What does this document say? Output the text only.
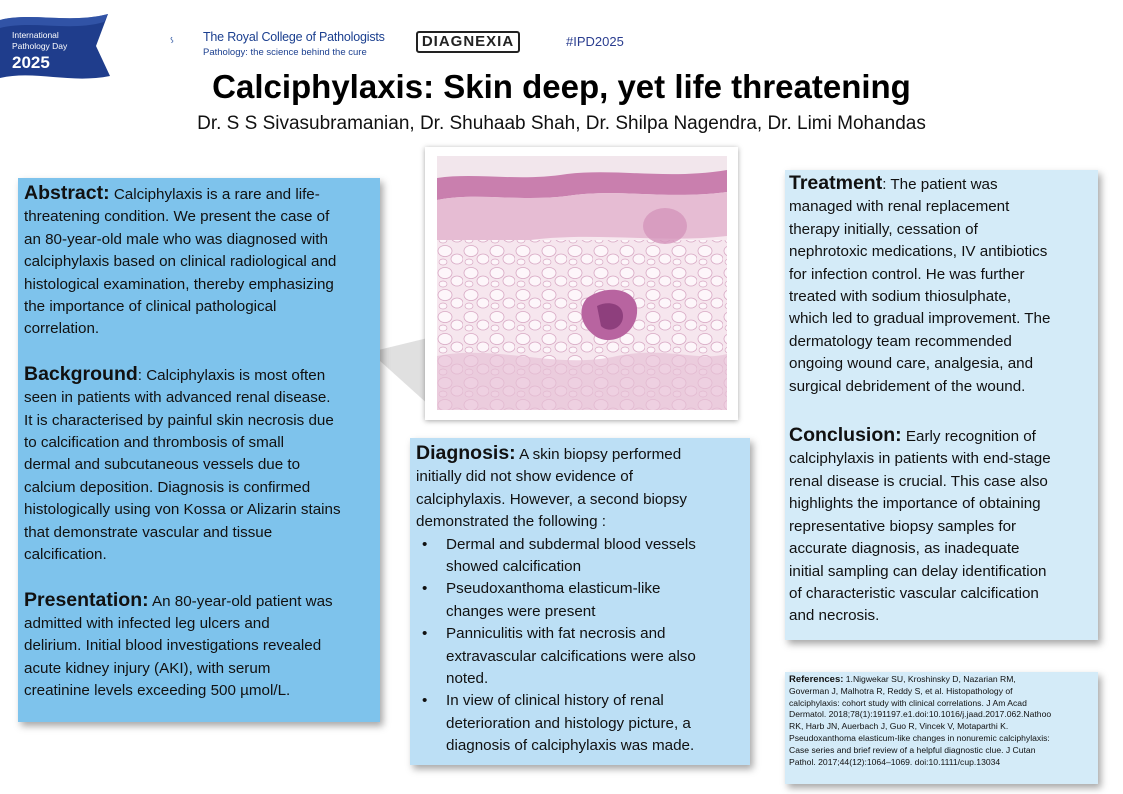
International
Pathology Day
2025
The Royal College of Pathologists
Pathology: the science behind the cure
DIAGNEXIA	#IPD2025
Calciphylaxis: Skin deep, yet life threatening
Dr. S S Sivasubramanian, Dr. Shuhaab Shah, Dr. Shilpa Nagendra, Dr. Limi Mohandas
Abstract: Calciphylaxis is a rare and life-
threatening condition. We present the case of
an 80-year-old male who was diagnosed with
calciphylaxis based on clinical radiological and
histological examination, thereby emphasizing
the importance of clinical pathological
correlation.
Background: Calciphylaxis is most often
seen in patients with advanced renal disease.
It is characterised by painful skin necrosis due
to calcification and thrombosis of small
dermal and subcutaneous vessels due to
calcium deposition. Diagnosis is confirmed
histologically using von Kossa or Alizarin stains
that demonstrate vascular and tissue
calcification.
Presentation: An 80-year-old patient was
admitted with infected leg ulcers and
delirium. Initial blood investigations revealed
acute kidney injury (AKI), with serum
creatinine levels exceeding 500 µmol/L.
Diagnosis: A skin biopsy performed
initially did not show evidence of
calciphylaxis. However, a second biopsy
demonstrated the following :
• Dermal and subdermal blood vessels
showed calcification
• Pseudoxanthoma elasticum-like
changes were present
• Panniculitis with fat necrosis and
extravascular calcifications were also
noted.
• In view of clinical history of renal
deterioration and histology picture, a
diagnosis of calciphylaxis was made.
Treatment: The patient was
managed with renal replacement
therapy initially, cessation of
nephrotoxic medications, IV antibiotics
for infection control. He was further
treated with sodium thiosulphate,
which led to gradual improvement. The
dermatology team recommended
ongoing wound care, analgesia, and
surgical debridement of the wound.
Conclusion: Early recognition of
calciphylaxis in patients with end-stage
renal disease is crucial. This case also
highlights the importance of obtaining
representative biopsy samples for
accurate diagnosis, as inadequate
initial sampling can delay identification
of characteristic vascular calcification
and necrosis.
References: 1.Nigwekar SU, Kroshinsky D, Nazarian RM,
Goverman J, Malhotra R, Reddy S, et al. Histopathology of
calciphylaxis: cohort study with clinical correlations. J Am Acad
Dermatol. 2018;78(1):191197.e1.doi:10.1016/j.jaad.2017.062.Nathoo
RK, Harb JN, Auerbach J, Guo R, Vincek V, Motaparthi K.
Pseudoxanthoma elasticum-like changes in nonuremic calciphylaxis:
Case series and brief review of a helpful diagnostic clue. J Cutan
Pathol. 2017;44(12):1064–1069. doi:10.1111/cup.13034
